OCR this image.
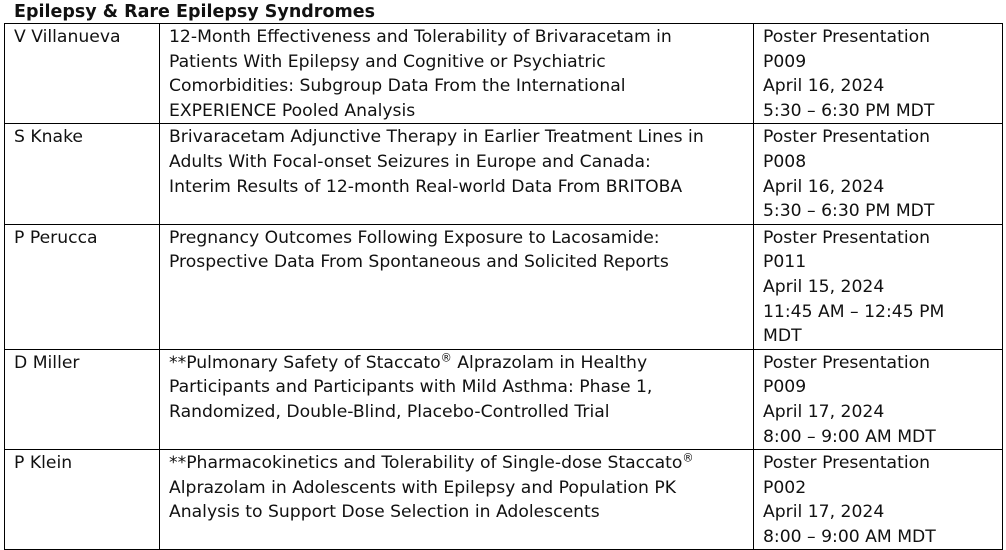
Epilepsy & Rare Epilepsy Syndromes
V Villanueva	12-Month Effectiveness and Tolerability of Brivaracetam in
Patients With Epilepsy and Cognitive or Psychiatric
Comorbidities: Subgroup Data From the International
EXPERIENCE Pooled Analysis	Poster Presentation
P009
April 16, 2024
5:30 – 6:30 PM MDT

S Knake	Brivaracetam Adjunctive Therapy in Earlier Treatment Lines in
Adults With Focal-onset Seizures in Europe and Canada:
Interim Results of 12-month Real-world Data From BRITOBA	Poster Presentation
P008
April 16, 2024
5:30 – 6:30 PM MDT

P Perucca	Pregnancy Outcomes Following Exposure to Lacosamide:
Prospective Data From Spontaneous and Solicited Reports	Poster Presentation
P011
April 15, 2024
11:45 AM – 12:45 PM
MDT

D Miller	**Pulmonary Safety of Staccato® Alprazolam in Healthy
Participants and Participants with Mild Asthma: Phase 1,
Randomized, Double-Blind, Placebo-Controlled Trial	Poster Presentation
P009
April 17, 2024
8:00 – 9:00 AM MDT

P Klein	**Pharmacokinetics and Tolerability of Single-dose Staccato®
Alprazolam in Adolescents with Epilepsy and Population PK
Analysis to Support Dose Selection in Adolescents	Poster Presentation
P002
April 17, 2024
8:00 – 9:00 AM MDT
